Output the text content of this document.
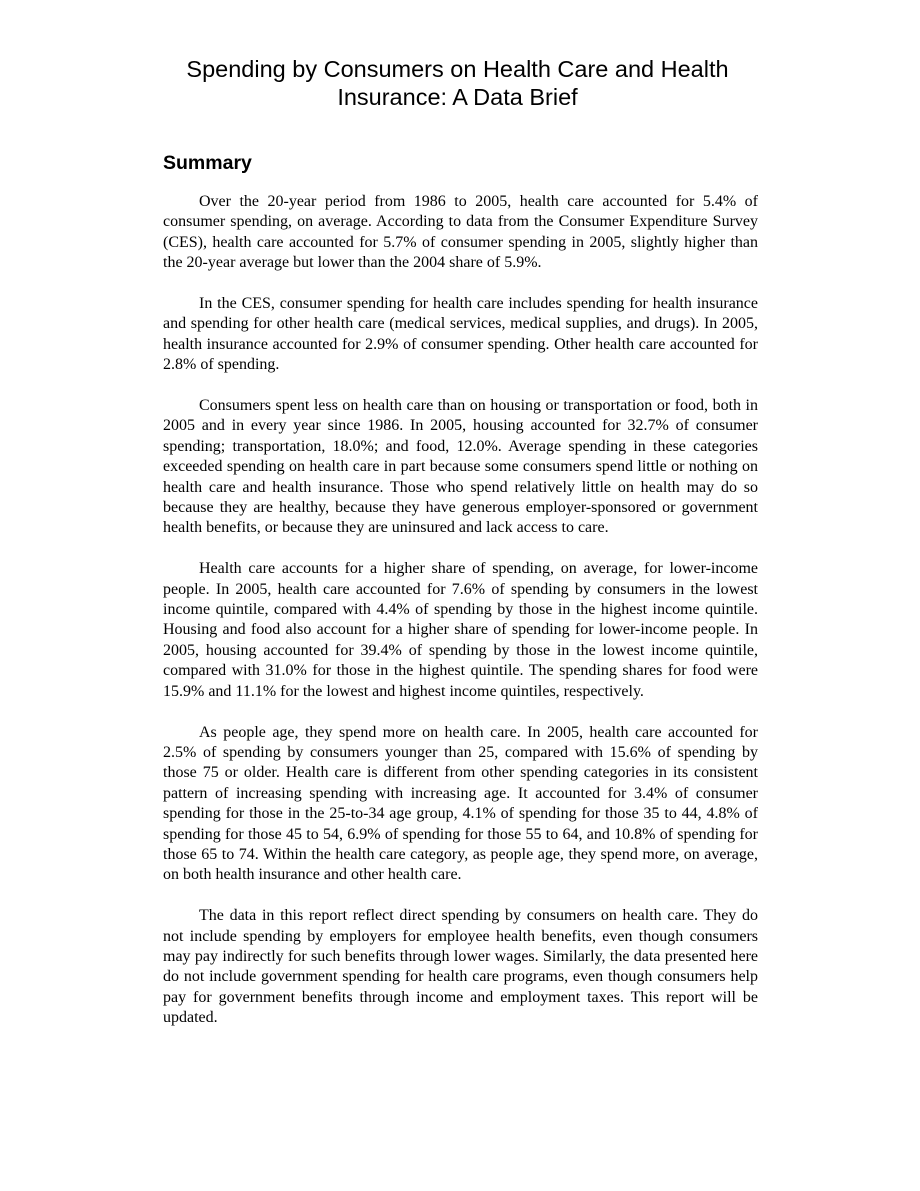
Spending by Consumers on Health Care and Health
Insurance: A Data Brief
Summary

Over the 20-year period from 1986 to 2005, health care accounted for 5.4% of consumer spending, on average. According to data from the Consumer Expenditure Survey (CES), health care accounted for 5.7% of consumer spending in 2005, slightly higher than the 20-year average but lower than the 2004 share of 5.9%.

In the CES, consumer spending for health care includes spending for health insurance and spending for other health care (medical services, medical supplies, and drugs). In 2005, health insurance accounted for 2.9% of consumer spending. Other health care accounted for 2.8% of spending.

Consumers spent less on health care than on housing or transportation or food, both in 2005 and in every year since 1986. In 2005, housing accounted for 32.7% of consumer spending; transportation, 18.0%; and food, 12.0%. Average spending in these categories exceeded spending on health care in part because some consumers spend little or nothing on health care and health insurance. Those who spend relatively little on health may do so because they are healthy, because they have generous employer-sponsored or government health benefits, or because they are uninsured and lack access to care.

Health care accounts for a higher share of spending, on average, for lower-income people. In 2005, health care accounted for 7.6% of spending by consumers in the lowest income quintile, compared with 4.4% of spending by those in the highest income quintile. Housing and food also account for a higher share of spending for lower-income people. In 2005, housing accounted for 39.4% of spending by those in the lowest income quintile, compared with 31.0% for those in the highest quintile. The spending shares for food were 15.9% and 11.1% for the lowest and highest income quintiles, respectively.

As people age, they spend more on health care. In 2005, health care accounted for 2.5% of spending by consumers younger than 25, compared with 15.6% of spending by those 75 or older. Health care is different from other spending categories in its consistent pattern of increasing spending with increasing age. It accounted for 3.4% of consumer spending for those in the 25-to-34 age group, 4.1% of spending for those 35 to 44, 4.8% of spending for those 45 to 54, 6.9% of spending for those 55 to 64, and 10.8% of spending for those 65 to 74. Within the health care category, as people age, they spend more, on average, on both health insurance and other health care.

The data in this report reflect direct spending by consumers on health care. They do not include spending by employers for employee health benefits, even though consumers may pay indirectly for such benefits through lower wages. Similarly, the data presented here do not include government spending for health care programs, even though consumers help pay for government benefits through income and employment taxes. This report will be updated.
